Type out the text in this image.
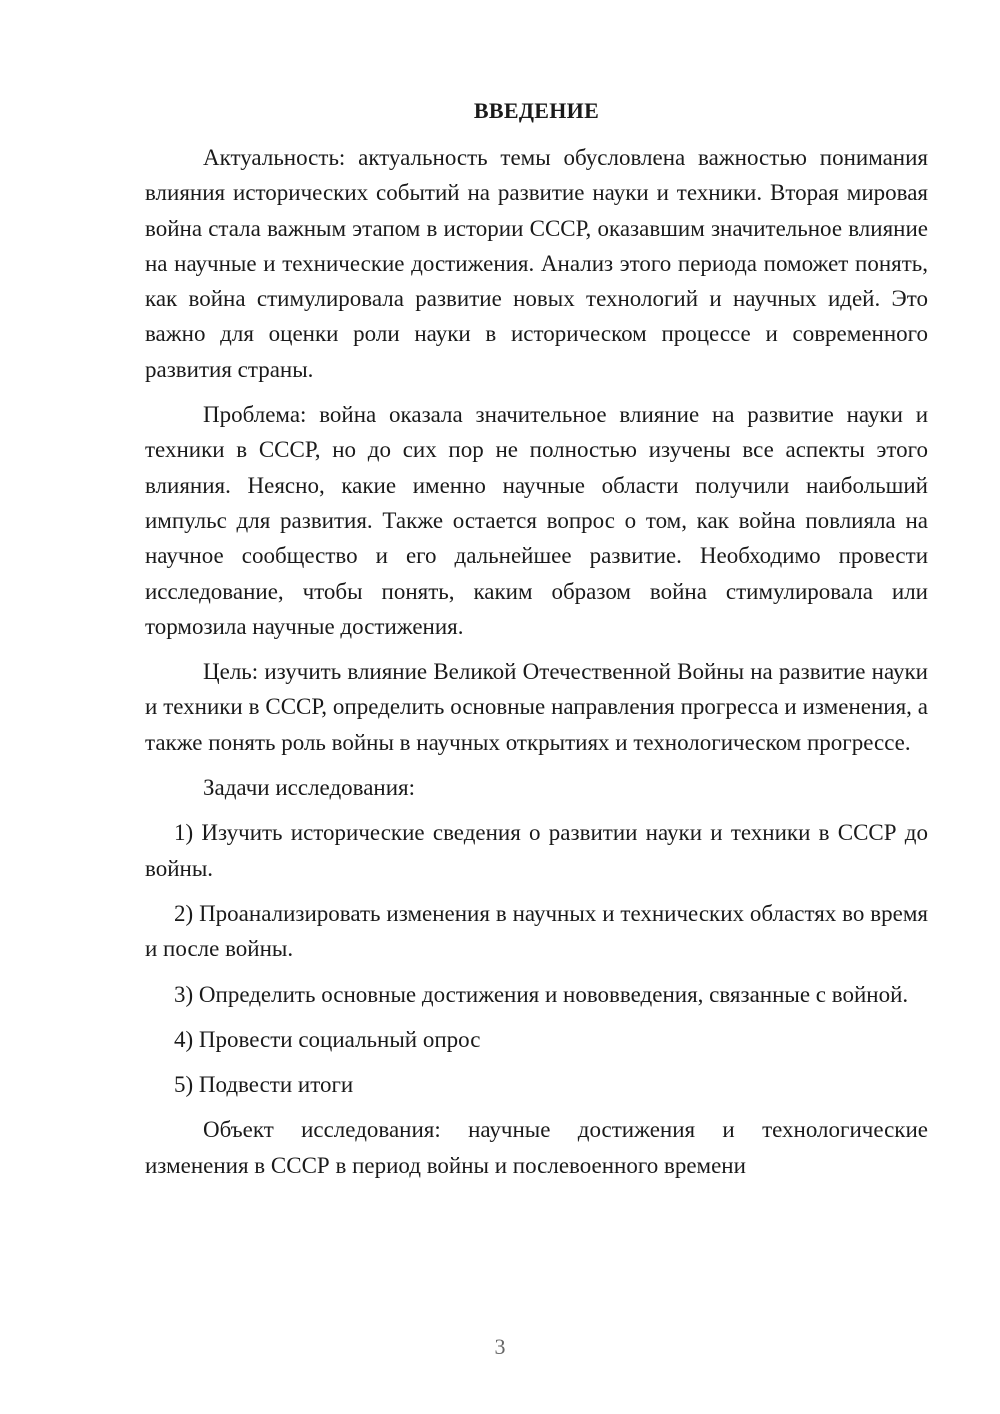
ВВЕДЕНИЕ

Актуальность: актуальность темы обусловлена важностью понимания влияния исторических событий на развитие науки и техники. Вторая мировая война стала важным этапом в истории СССР, оказавшим значительное влияние на научные и технические достижения. Анализ этого периода поможет понять, как война стимулировала развитие новых технологий и научных идей. Это важно для оценки роли науки в историческом процессе и современного развития страны.

Проблема: война оказала значительное влияние на развитие науки и техники в СССР, но до сих пор не полностью изучены все аспекты этого влияния. Неясно, какие именно научные области получили наибольший импульс для развития. Также остается вопрос о том, как война повлияла на научное сообщество и его дальнейшее развитие. Необходимо провести исследование, чтобы понять, каким образом война стимулировала или тормозила научные достижения.

Цель: изучить влияние Великой Отечественной Войны на развитие науки и техники в СССР, определить основные направления прогресса и изменения, а также понять роль войны в научных открытиях и технологическом прогрессе.

Задачи исследования:

1) Изучить исторические сведения о развитии науки и техники в СССР до войны.

2) Проанализировать изменения в научных и технических областях во время и после войны.

3) Определить основные достижения и нововведения, связанные с войной.

4) Провести социальный опрос

5) Подвести итоги

Объект исследования: научные достижения и технологические изменения в СССР в период войны и послевоенного времени

3
